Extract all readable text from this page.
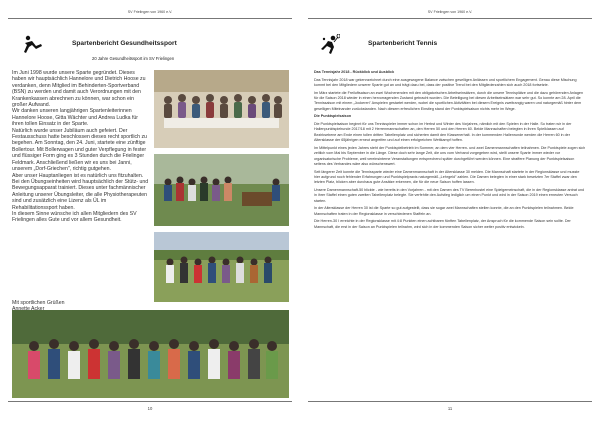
SV Frielingen von 1960 e.V.
Spartenbericht Gesundheitssport
20 Jahre Gesundheitssport im SV Frielingen

Im Juni 1998 wurde unsere Sparte gegründet. Dieses haben wir hauptsächlich Hannelore und Dietrich Hoose zu verdanken, denn Mitglied im Behinderten-Sportverband (BSN) zu werden und damit auch Verordnungen mit den Krankenkassen abrechnen zu können, war schon ein großer Aufwand.

Wir danken unseren langjährigen Spartenleiterinnen Hannelore Hoose, Gitta Wächter und Andrea Ludka für ihren tollen Einsatz in der Sparte.

Natürlich wurde unser Jubiläum auch gefeiert. Der Festausschuss hatte beschlossen dieses recht sportlich zu begehen. Am Sonntag, den 24. Juni, startete eine zünftige Bollertour. Mit Bollerwagen und guter Verpflegung in fester und flüssiger Form ging es 3 Stunden durch die Frielinger Feldmark. Anschließend ließen wir es uns bei Janni, unserem „Dorf-Griechen", richtig gutgehen.

Aber unser Hauptanliegen ist es natürlich uns fitzuhalten. Bei den Übungseinheiten wird hauptsächlich der Stütz- und Bewegungsapparat trainiert. Dieses unter fachmännischer Anleitung unserer Übungsleiter, die alle Physiotherapeuten sind und zusätzlich eine Lizenz als ÜL im Rehabilitationssport haben.

In diesem Sinne wünsche ich allen Mitgliedern des SV Frielingen alles Gute und vor allem Gesundheit.

Mit sportlichen Grüßen
10
SV Frielingen von 1960 e.V.
Spartenbericht Tennis

Das Tennisjahr 2018 - Rückblick und Ausblick

Das Tennisjahr 2018 war gekennzeichnet durch eine ausgewogene Balance zwischen geselligen Anlässen und sportlichem Engagement. Genau diese Mischung kommt bei den Mitgliedern unserer Sparte gut an und trägt dazu bei, dass der positive Trend bei den Mitgliederzahlen sich auch 2018 fortsetzte.

Im März startete die Freiluftsaison an zwei Wochenenden mit den obligatorischen Arbeitseinsätzen, durch die unsere Tennisplätze und die dazu gehörenden Anlagen für die Saison 2018 wieder in einen hervorragenden Zustand gebracht wurden. Die Beteiligung bei diesen Arbeitseinsätzen war sehr gut. So konnte am 28. April die Tennissaison mit einem „Jockeren" Anspielen gestartet werden, wobei die sportlichen Aktivitäten bei diesem Ereignis zweitrangig waren und naturgemäß hinter dem geselligen Miteinander zurückstanden. Nach diesem erfreulichen Einstieg stand der Punktspielsaison nichts mehr im Wege.

Die Punktspielsaison

Die Punktspielsaison beginnt für uns Tennisspieler immer schon im Herbst und Winter des Vorjahres, nämlich mit den Spielen in der Halle. So traten wir in der Hallenpunktspielrunde 2017/18 mit 2 Herrenmannschaften an, den Herren 50 und den Herren 60. Beide Mannschaften belegten in ihren Spielklassen auf Bezirksebene am Ende einen tollen dritten Tabellenplatz und sicherten damit den Klassenerhalt. In der kommenden Hallenrunde werden die Herren 60 in der Altersklasse der 65jährigen erneut angreifen und auf einen erfolgreichen Wettkampf hoffen.

Im Mittelpunkt eines jeden Jahres steht der Punktspielbetrieb im Sommer, an dem vier Herren- und zwei Damenmannschaften teilnahmen. Die Punktspiele zogen sich zeitlich vom Mai bis September in die Länge. Diese doch sehr lange Zeit, die uns vom Verband vorgegeben wird, stellt unsere Sparte immer wieder vor organisatorische Probleme, weil vereinsinterne Veranstaltungen entsprechend später durchgeführt werden können. Eine straffere Planung der Punktspielsaison seitens des Verbandes wäre also wünschenswert.

Seit längerer Zeit konnte die Tennissparte wieder eine Damenmannschaft in der Altersklasse 30 melden. Die Mannschaft startete in der Regionsklasse und musste hier aufgrund noch fehlender Erfahrungen und Punktspielpraxis naturgemäß „Lehrgeld" zahlen. Die Damen belegten in einer stark besetzten 7er Staffel zwar den letzten Platz, blicken aber durchaus gute Ansätze erkennen, die für die neue Saison hoffen lassen.

Unsere Damenmannschaft-50 blickte - wie bereits in den Vorjahren - mit den Damen des TV Berenbostel eine Spielgemeinschaft, die in der Regionsklasse antrat und in ihrer Staffel einen guten zweiten Tabellenplatz belegte. Sie verfehlte den Aufstieg lediglich um einen Punkt und wird in der Saison 2019 einen erneuten Versuch starten.

In der Altersklasse der Herren 30 ist die Sparte so gut aufgestellt, dass sie sogar zwei Mannschaften stellen konnte, die an den Punktspielen teilnahmen. Beide Mannschaften traten in der Regionsklasse in verschiedenen Staffeln an.

Die Herren-30 I erreichte in der Regionsklasse mit 4:8 Punkten einen achtbaren fünften Tabellenplatz, der Anspruch für die kommende Saison sein sollte. Der Mannschaft, die erst in der Saison an Punktspielen teilnahm, wird sich in der kommenden Saison sicher weiter positiv entwickeln.

11
